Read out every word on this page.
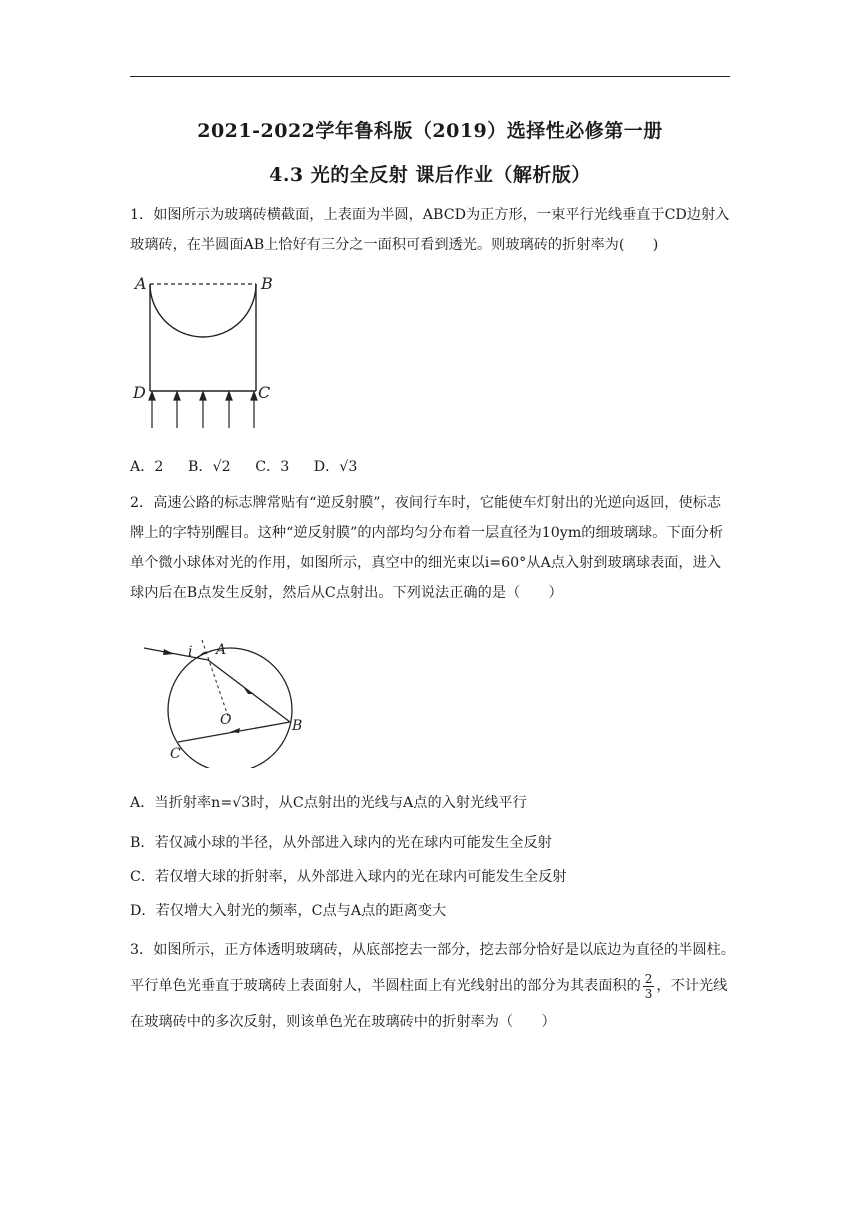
2021-2022学年鲁科版（2019）选择性必修第一册
4.3 光的全反射 课后作业（解析版）
1．如图所示为玻璃砖横截面，上表面为半圆，ABCD为正方形，一束平行光线垂直于CD边射入玻璃砖，在半圆面AB上恰好有三分之一面积可看到透光。则玻璃砖的折射率为(　　)
A	B
C
D
A．2 B．√2 C．3 D．√3
2．高速公路的标志牌常贴有“逆反射膜”，夜间行车时，它能使车灯射出的光逆向返回，使标志牌上的字特别醒目。这种“逆反射膜”的内部均匀分布着一层直径为10ym的细玻璃球。下面分析单个微小球体对光的作用，如图所示，真空中的细光束以i=60°从A点入射到玻璃球表面，进入球内后在B点发生反射，然后从C点射出。下列说法正确的是（　　）
i A
O	B
C
A．当折射率n=√3时，从C点射出的光线与A点的入射光线平行
B．若仅减小球的半径，从外部进入球内的光在球内可能发生全反射
C．若仅增大球的折射率，从外部进入球内的光在球内可能发生全反射
D．若仅增大入射光的频率，C点与A点的距离变大
3．如图所示，正方体透明玻璃砖，从底部挖去一部分，挖去部分恰好是以底边为直径的半圆柱。平行单色光垂直于玻璃砖上表面射人，半圆柱面上有光线射出的部分为其表面积的 $\frac{2}{3}$ ，不计光线在玻璃砖中的多次反射，则该单色光在玻璃砖中的折射率为（　　）
